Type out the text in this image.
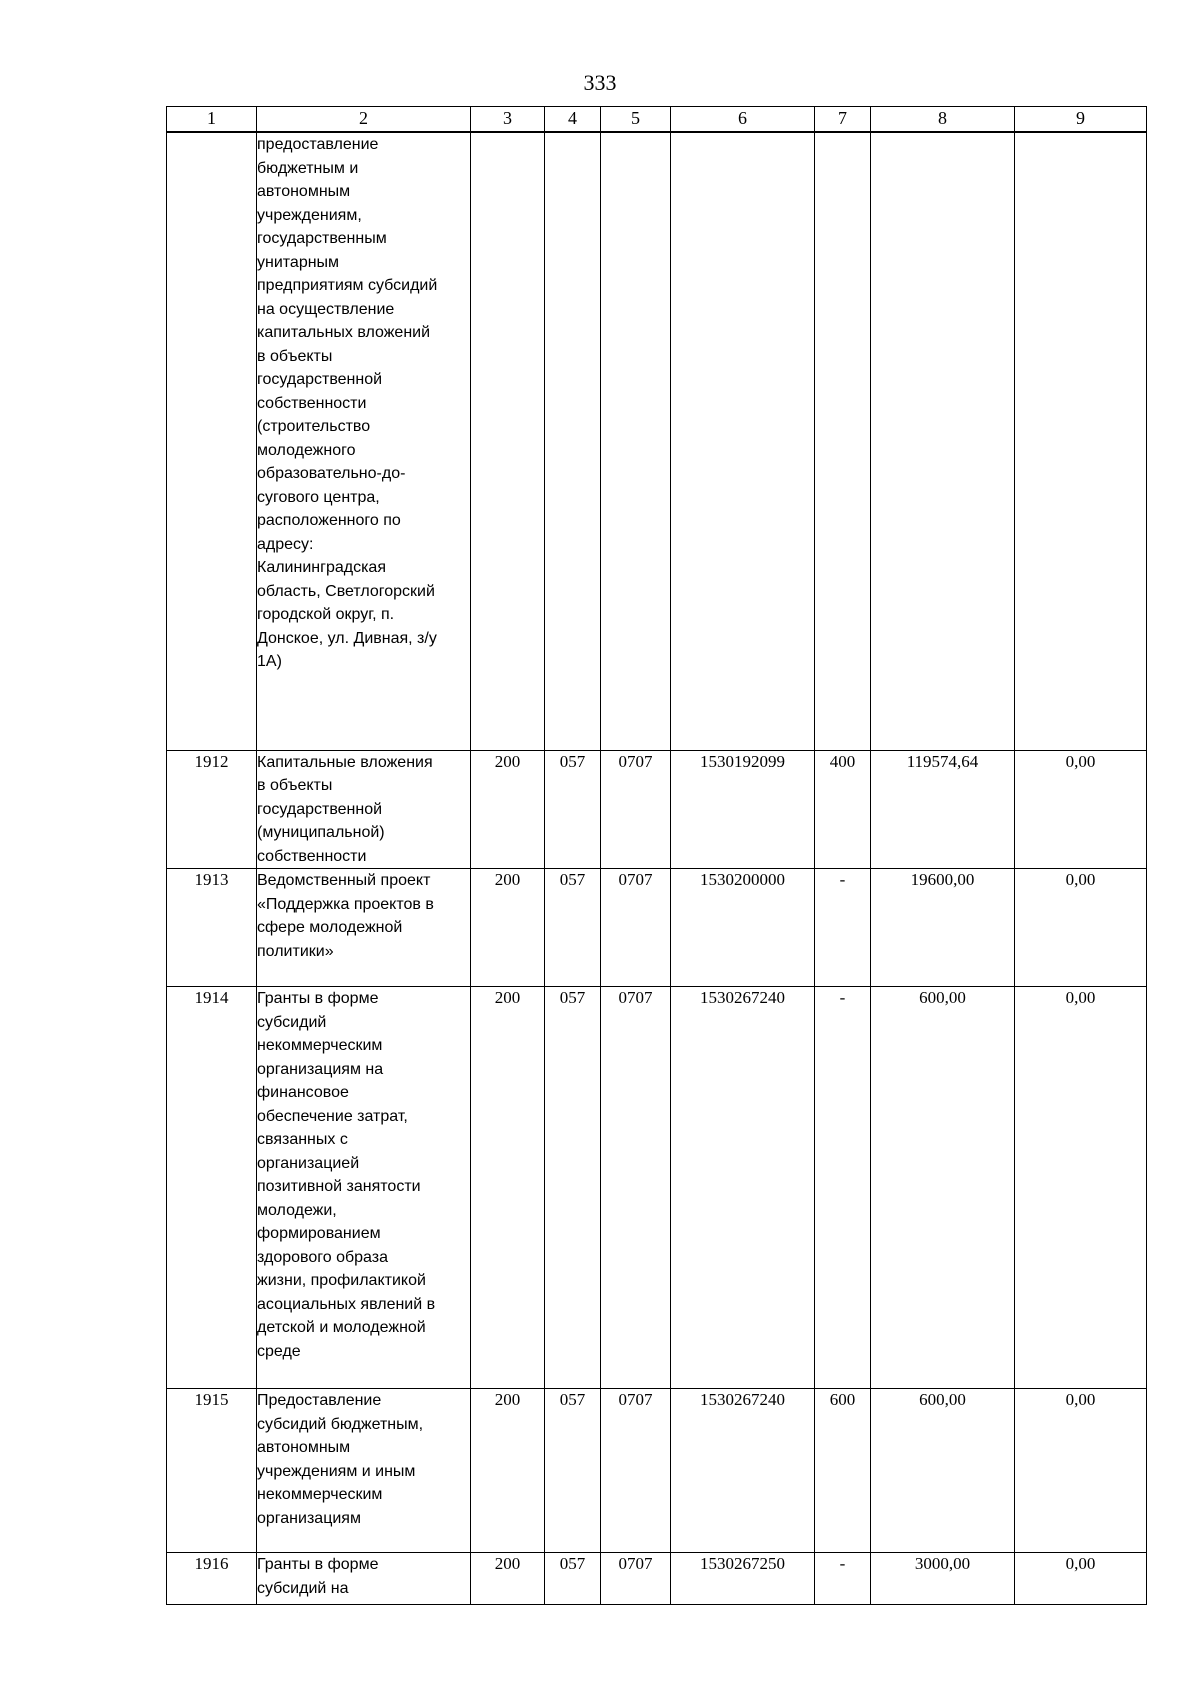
333
1	2	3	4	5	6	7	8	9

	предоставление бюджетным и автономным учреждениям, государственным унитарным предприятиям субсидий на осуществление капитальных вложений в объекты государственной собственности (строительство молодежного образовательно-до-сугового центра, расположенного по адресу: Калининградская область, Светлогорский городской округ, п. Донское, ул. Дивная, з/у 1А)							

1912	Капитальные вложения в объекты государственной (муниципальной) собственности	200	057	0707	1530192099	400	119574,64	0,00
1913	Ведомственный проект «Поддержка проектов в сфере молодежной политики»	200	057	0707	1530200000	-	19600,00	0,00
1914	Гранты в форме субсидий некоммерческим организациям на финансовое обеспечение затрат, связанных с организацией позитивной занятости молодежи, формированием здорового образа жизни, профилактикой асоциальных явлений в детской и молодежной среде	200	057	0707	1530267240	-	600,00	0,00
1915	Предоставление субсидий бюджетным, автономным учреждениям и иным некоммерческим организациям	200	057	0707	1530267240	600	600,00	0,00
1916	Гранты в форме субсидий на	200	057	0707	1530267250	-	3000,00	0,00
